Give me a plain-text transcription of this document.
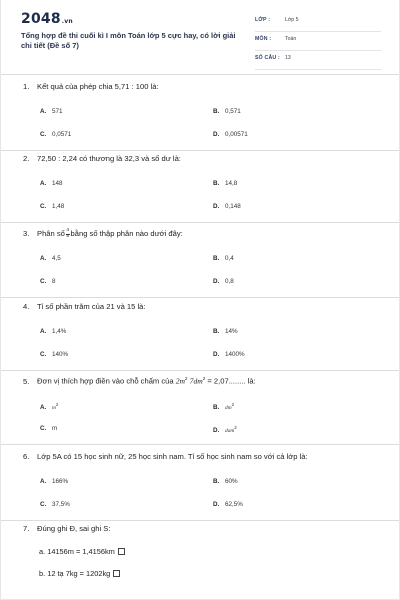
2048.vn
Tổng hợp đề thi cuối kì I môn Toán lớp 5 cực hay, có lời giải chi tiết (Đề số 7)
LỚP :	Lớp 5
MÔN :	Toán
SỐ CÂU : 13
1. Kết quả của phép chia 5,71 : 100 là:
A. 571	B. 0,571
C. 0,0571	D. 0,00571
2. 72,50 : 2,24 có thương là 32,3 và số dư là:
A. 148	B. 14,8
C. 1,48	D. 0,148
3. Phân số $\frac{4}{5}$ bằng số thập phân nào dưới đây:
A. 4,5	B. 0,4
C. 8	D. 0,8
4. Tỉ số phần trăm của 21 và 15 là:
A. 1,4%	B. 14%
C. 140%	D. 1400%
5. Đơn vị thích hợp điền vào chỗ chấm của $2m^2$ $7dm^2 = 2,07$........ là:
A. $m^2$	B. $dm^2$
C. m	D. dam$^2$
6. Lớp 5A có 15 học sinh nữ, 25 học sinh nam. Tỉ số học sinh nam so với cả lớp là:
A. 166%	B. 60%
C. 37,5%	D. 62,5%
7. Đúng ghi Đ, sai ghi S:
a. 14156m = 1,4156km
b. 12 tạ 7kg = 1202kg
